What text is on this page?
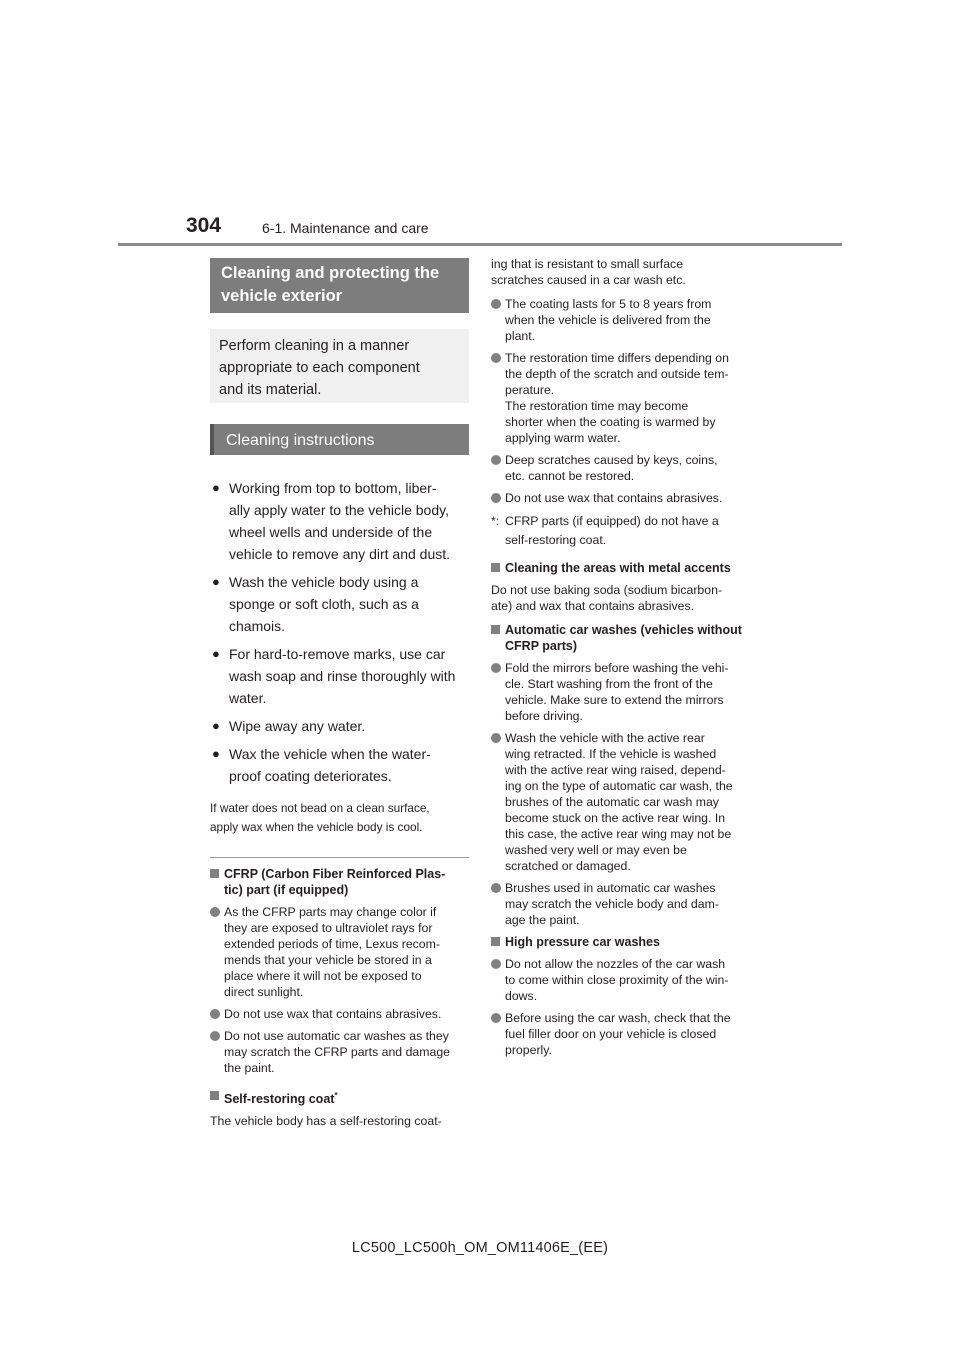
304	6-1. Maintenance and care
Cleaning and protecting the
vehicle exterior
Perform cleaning in a manner
appropriate to each component
and its material.
Cleaning instructions
● Working from top to bottom, liber-
ally apply water to the vehicle body,
wheel wells and underside of the
vehicle to remove any dirt and dust.
● Wash the vehicle body using a
sponge or soft cloth, such as a
chamois.
● For hard-to-remove marks, use car
wash soap and rinse thoroughly with
water.
● Wipe away any water.
● Wax the vehicle when the water-
proof coating deteriorates.
If water does not bead on a clean surface,
apply wax when the vehicle body is cool.
CFRP (Carbon Fiber Reinforced Plas-
tic) part (if equipped)
As the CFRP parts may change color if
they are exposed to ultraviolet rays for
extended periods of time, Lexus recom-
mends that your vehicle be stored in a
place where it will not be exposed to
direct sunlight.
Do not use wax that contains abrasives.
Do not use automatic car washes as they
may scratch the CFRP parts and damage
the paint.
Self-restoring coat*
The vehicle body has a self-restoring coat-
ing that is resistant to small surface
scratches caused in a car wash etc.
The coating lasts for 5 to 8 years from
when the vehicle is delivered from the
plant.
The restoration time differs depending on
the depth of the scratch and outside tem-
perature.
The restoration time may become
shorter when the coating is warmed by
applying warm water.
Deep scratches caused by keys, coins,
etc. cannot be restored.
Do not use wax that contains abrasives.
*: CFRP parts (if equipped) do not have a
self-restoring coat.
Cleaning the areas with metal accents
Do not use baking soda (sodium bicarbon-
ate) and wax that contains abrasives.
Automatic car washes (vehicles without
CFRP parts)
Fold the mirrors before washing the vehi-
cle. Start washing from the front of the
vehicle. Make sure to extend the mirrors
before driving.
Wash the vehicle with the active rear
wing retracted. If the vehicle is washed
with the active rear wing raised, depend-
ing on the type of automatic car wash, the
brushes of the automatic car wash may
become stuck on the active rear wing. In
this case, the active rear wing may not be
washed very well or may even be
scratched or damaged.
Brushes used in automatic car washes
may scratch the vehicle body and dam-
age the paint.
High pressure car washes
Do not allow the nozzles of the car wash
to come within close proximity of the win-
dows.
Before using the car wash, check that the
fuel filler door on your vehicle is closed
properly.
LC500_LC500h_OM_OM11406E_(EE)
